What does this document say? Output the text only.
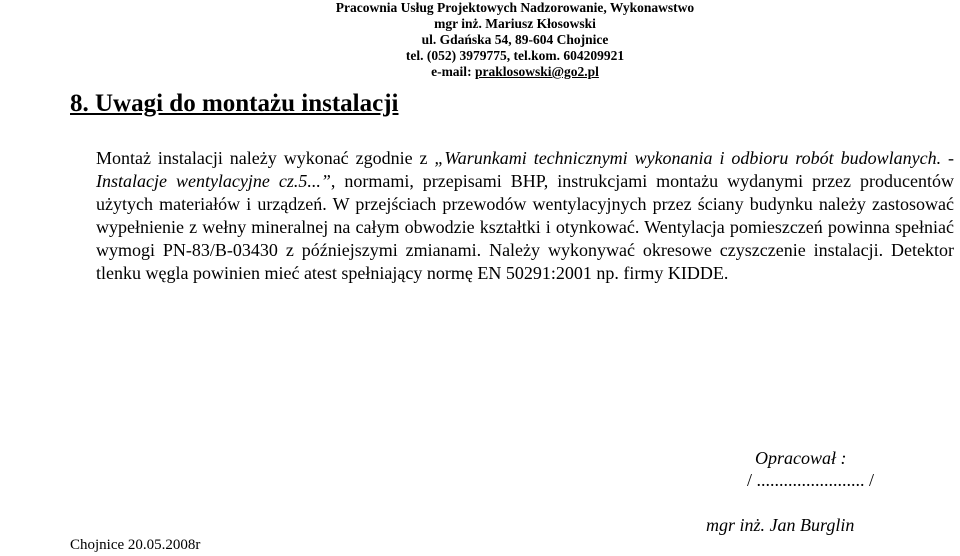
Pracownia Usług Projektowych Nadzorowanie, Wykonawstwo
mgr inż. Mariusz Kłosowski
ul. Gdańska 54, 89-604 Chojnice
tel. (052) 3979775, tel.kom. 604209921
e-mail: praklosowski@go2.pl
8. Uwagi do montażu instalacji
Montaż instalacji należy wykonać zgodnie z „Warunkami technicznymi wykonania i odbioru robót budowlanych. - Instalacje wentylacyjne cz.5...”, normami, przepisami BHP, instrukcjami montażu wydanymi przez producentów użytych materiałów i urządzeń. W przejściach przewodów wentylacyjnych przez ściany budynku należy zastosować wypełnienie z wełny mineralnej na całym obwodzie kształtki i otynkować. Wentylacja pomieszczeń powinna spełniać wymogi PN-83/B-03430 z późniejszymi zmianami. Należy wykonywać okresowe czyszczenie instalacji. Detektor tlenku węgla powinien mieć atest spełniający normę EN 50291:2001 np. firmy KIDDE.
Opracował :
/ ........................ /
mgr inż. Jan Burglin
Chojnice 20.05.2008r
